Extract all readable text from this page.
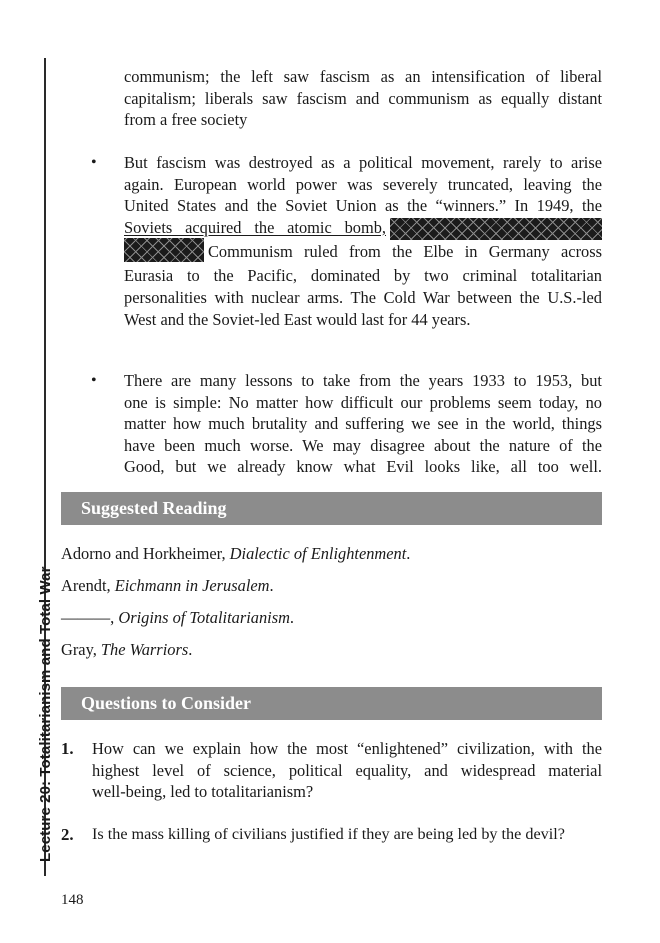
Lecture 20: Totalitarianism and Total War
communism; the left saw fascism as an intensification of liberal
capitalism; liberals saw fascism and communism as equally distant
from a free society
• But fascism was destroyed as a political movement, rarely to arise
again. European world power was severely truncated, leaving the
United States and the Soviet Union as the “winners.” In 1949, the
Soviets acquired the atomic bomb,
Communism ruled from the Elbe in Germany across
Eurasia to the Pacific, dominated by two criminal totalitarian
personalities with nuclear arms. The Cold War between the U.S.-led
West and the Soviet-led East would last for 44 years.
• There are many lessons to take from the years 1933 to 1953, but
one is simple: No matter how difficult our problems seem today, no
matter how much brutality and suffering we see in the world, things
have been much worse. We may disagree about the nature of the
Good, but we already know what Evil looks like, all too well.
Suggested Reading
Adorno and Horkheimer, Dialectic of Enlightenment.
Arendt, Eichmann in Jerusalem.
———, Origins of Totalitarianism.
Gray, The Warriors.
Questions to Consider
1. How can we explain how the most “enlightened” civilization, with the
highest level of science, political equality, and widespread material
well-being, led to totalitarianism?
2. Is the mass killing of civilians justified if they are being led by the devil?
148
